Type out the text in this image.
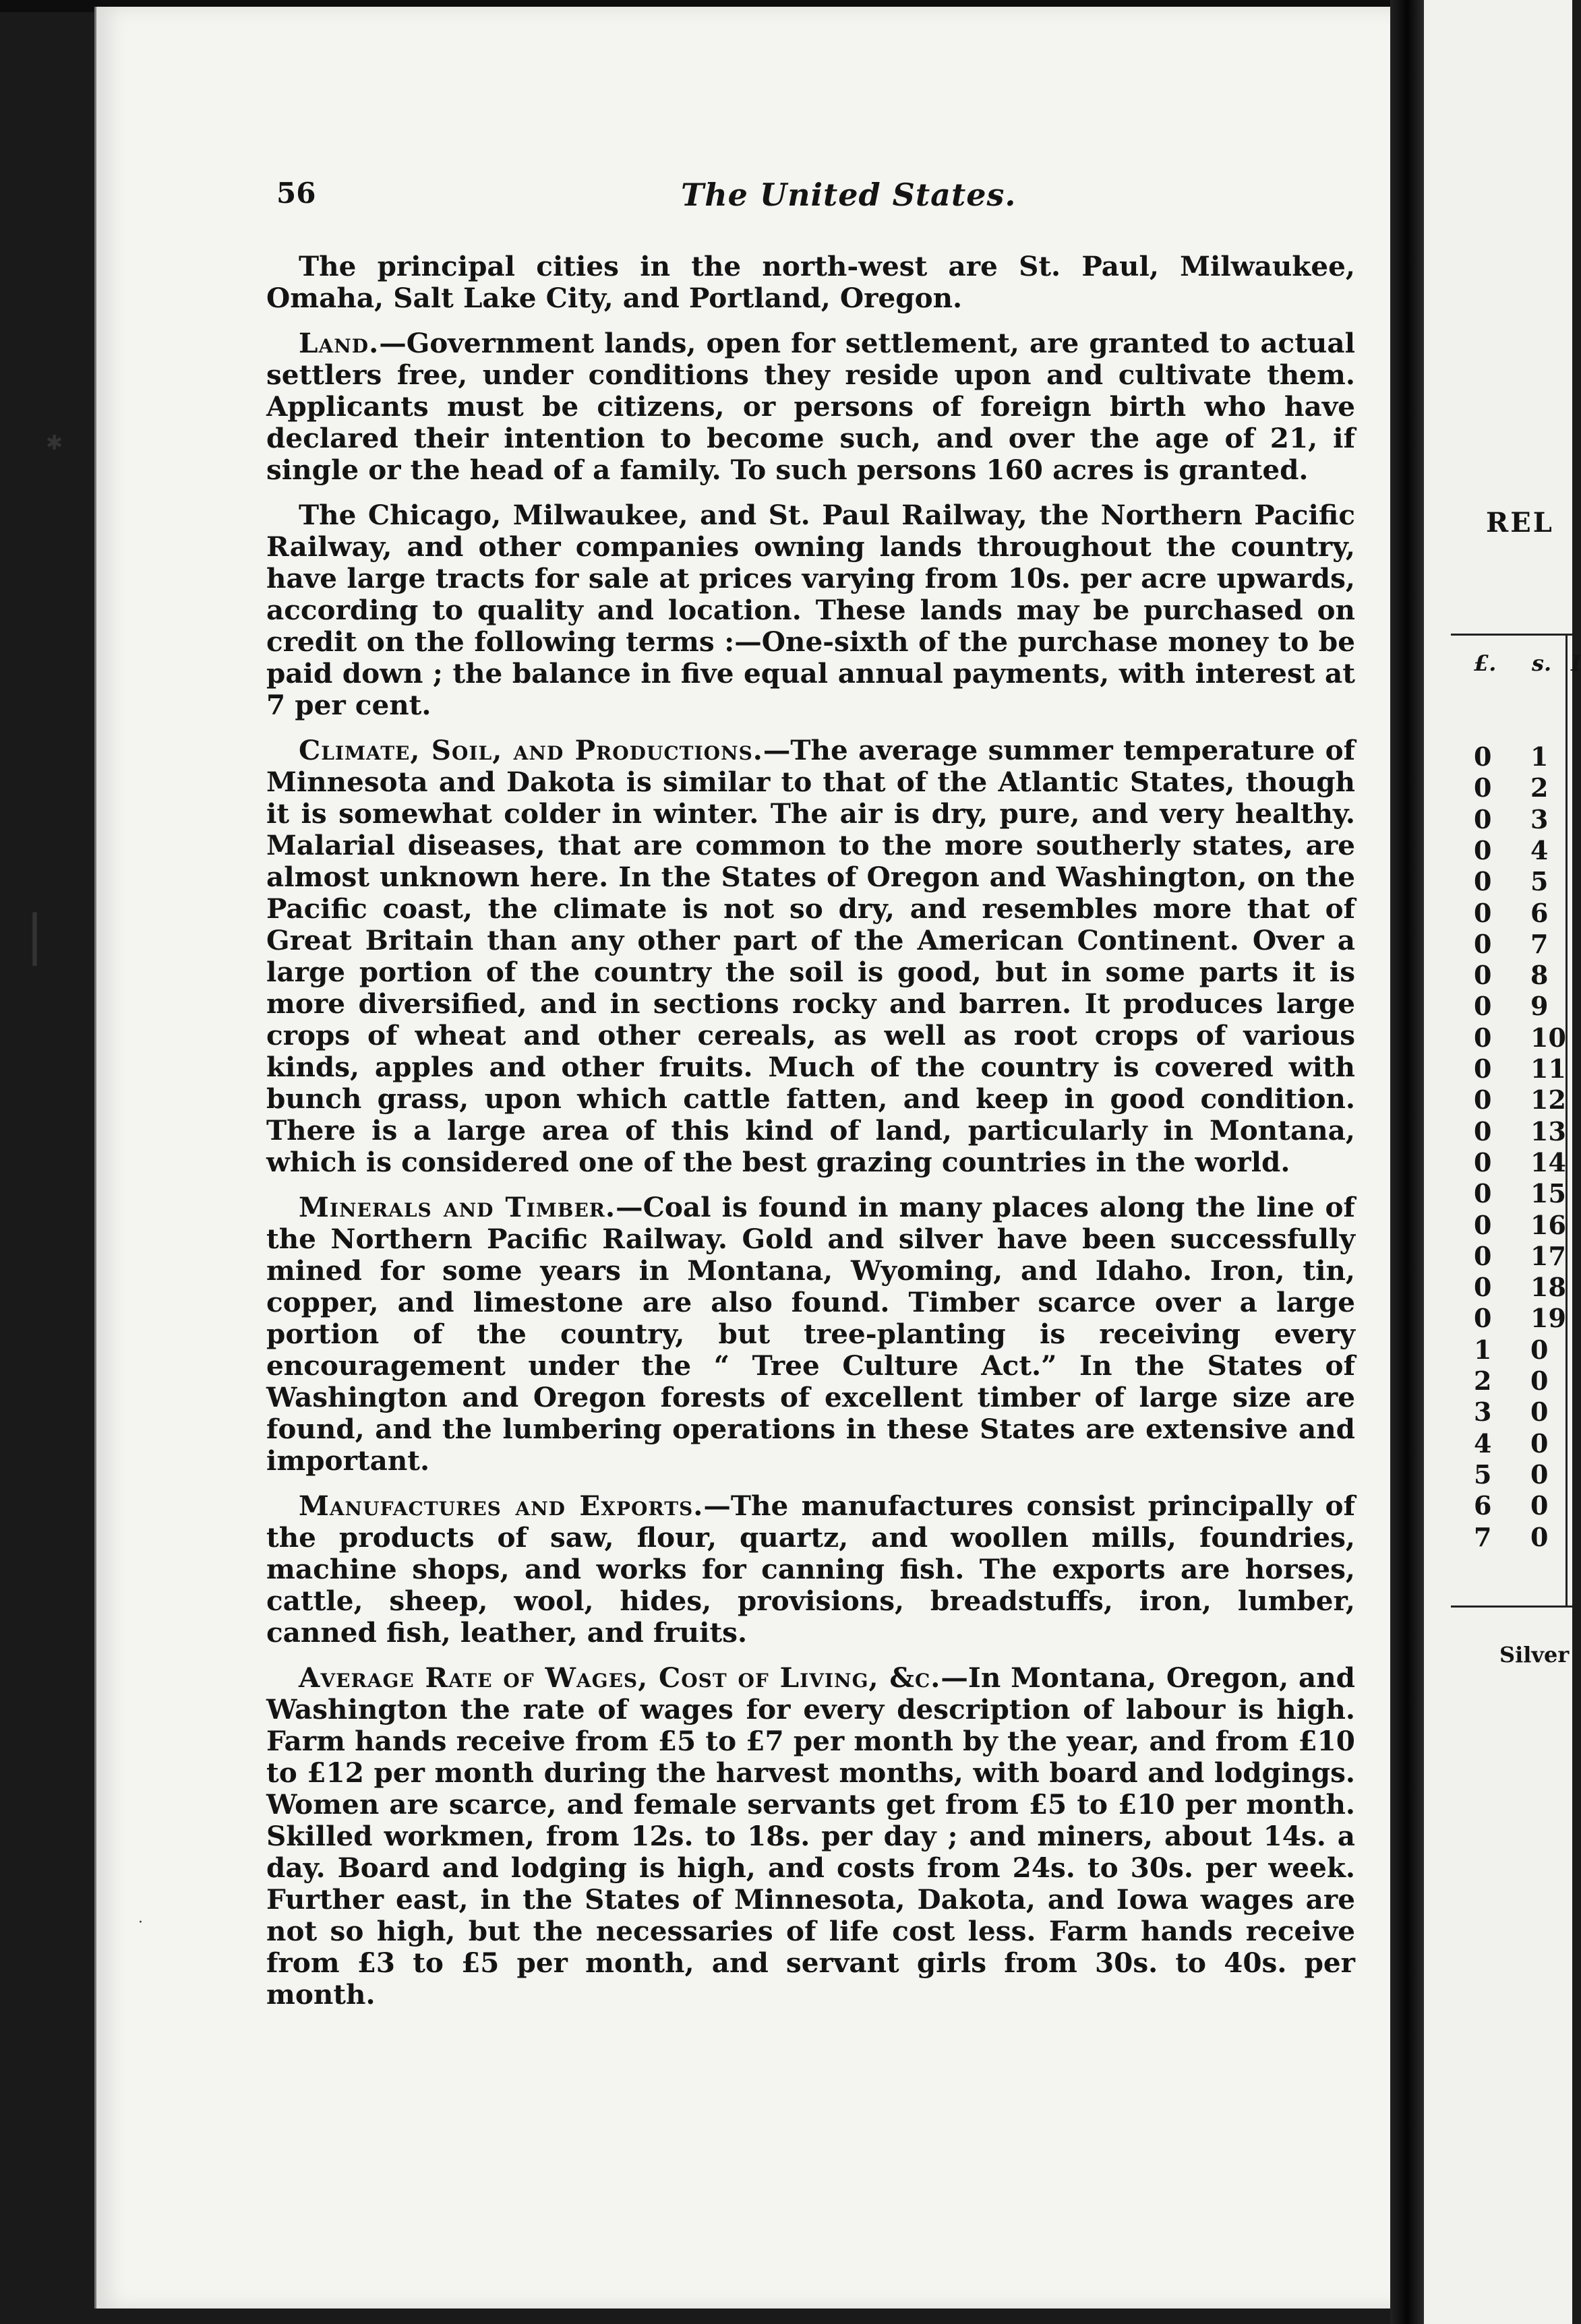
✱
|
·
56	The United States.

The principal cities in the north-west are St. Paul, Milwaukee, Omaha, Salt Lake City, and Portland, Oregon.

Land.—Government lands, open for settlement, are granted to actual settlers free, under conditions they reside upon and cultivate them. Applicants must be citizens, or persons of foreign birth who have declared their intention to become such, and over the age of 21, if single or the head of a family. To such persons 160 acres is granted.

The Chicago, Milwaukee, and St. Paul Railway, the Northern Pacific Railway, and other companies owning lands throughout the country, have large tracts for sale at prices varying from 10s. per acre upwards, according to quality and location. These lands may be purchased on credit on the following terms :—One-sixth of the purchase money to be paid down ; the balance in five equal annual payments, with interest at 7 per cent.

Climate, Soil, and Productions.—The average summer temperature of Minnesota and Dakota is similar to that of the Atlantic States, though it is somewhat colder in winter. The air is dry, pure, and very healthy. Malarial diseases, that are common to the more southerly states, are almost unknown here. In the States of Oregon and Washington, on the Pacific coast, the climate is not so dry, and resembles more that of Great Britain than any other part of the American Continent. Over a large portion of the country the soil is good, but in some parts it is more diversified, and in sections rocky and barren. It produces large crops of wheat and other cereals, as well as root crops of various kinds, apples and other fruits. Much of the country is covered with bunch grass, upon which cattle fatten, and keep in good condition. There is a large area of this kind of land, particularly in Montana, which is considered one of the best grazing countries in the world.

Minerals and Timber.—Coal is found in many places along the line of the Northern Pacific Railway. Gold and silver have been successfully mined for some years in Montana, Wyoming, and Idaho. Iron, tin, copper, and limestone are also found. Timber scarce over a large portion of the country, but tree-planting is receiving every encouragement under the “ Tree Culture Act.” In the States of Washington and Oregon forests of excellent timber of large size are found, and the lumbering operations in these States are extensive and important.

Manufactures and Exports.—The manufactures consist principally of the products of saw, flour, quartz, and woollen mills, foundries, machine shops, and works for canning fish. The exports are horses, cattle, sheep, wool, hides, provisions, breadstuffs, iron, lumber, canned fish, leather, and fruits.

Average Rate of Wages, Cost of Living, &c.—In Montana, Oregon, and Washington the rate of wages for every description of labour is high. Farm hands receive from £5 to £7 per month by the year, and from £10 to £12 per month during the harvest months, with board and lodgings. Women are scarce, and female servants get from £5 to £10 per month. Skilled workmen, from 12s. to 18s. per day ; and miners, about 14s. a day. Board and lodging is high, and costs from 24s. to 30s. per week. Further east, in the States of Minnesota, Dakota, and Iowa wages are not so high, but the necessaries of life cost less. Farm hands receive from £3 to £5 per month, and servant girls from 30s. to 40s. per month.

REL
£. s. I
0 1
0 2
0 3
0 4
0 5
0 6
0 7
0 8
0 9
0 10
0 11
0 12
0 13
0 14
0 15
0 16
0 17
0 18
0 19
1 0
2 0
3 0
4 0
5 0
6 0
7 0
Silver
